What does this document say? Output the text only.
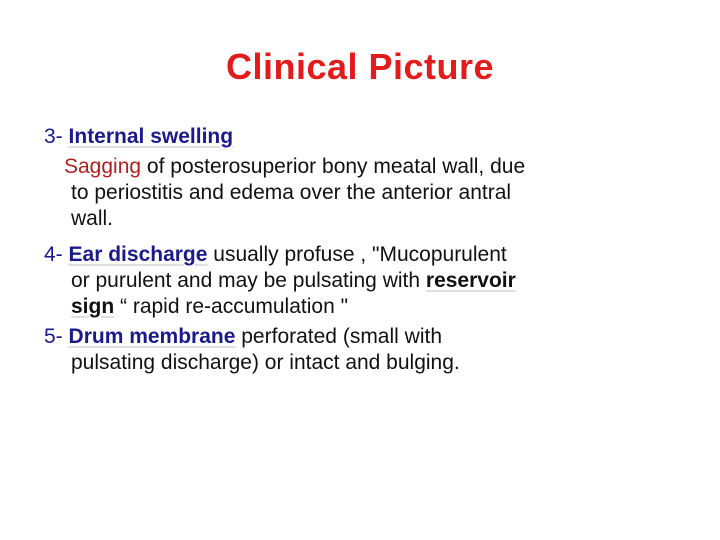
Clinical Picture
3- Internal swelling
Sagging of posterosuperior bony meatal wall, due
to periostitis and edema over the anterior antral
wall.
4- Ear discharge usually profuse , "Mucopurulent
or purulent and may be pulsating with reservoir
sign “ rapid re-accumulation "
5- Drum membrane perforated (small with
pulsating discharge) or intact and bulging.
